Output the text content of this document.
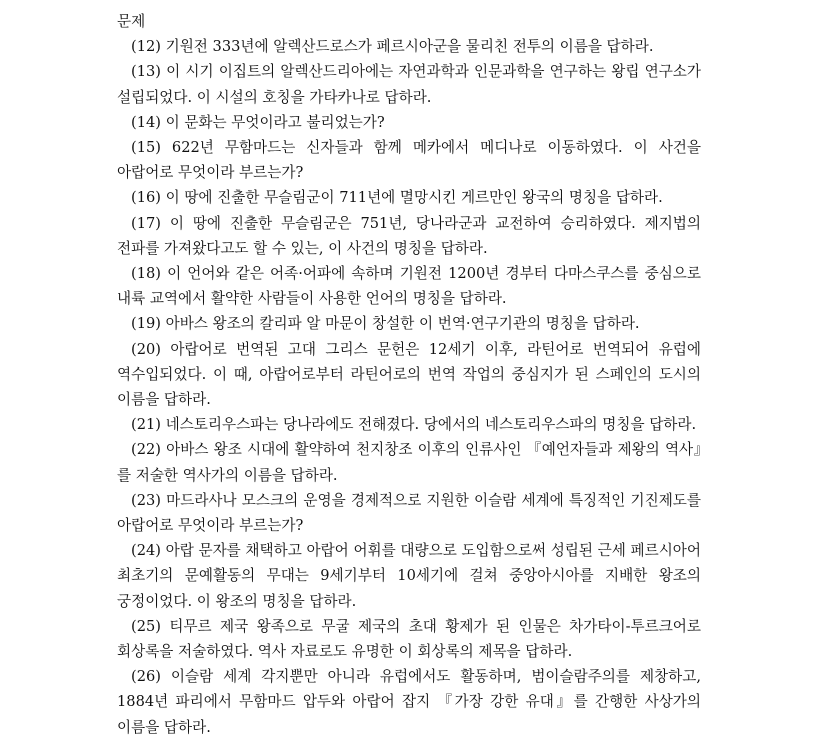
문제

(12) 기원전 333년에 알렉산드로스가 페르시아군을 물리친 전투의 이름을 답하라.

(13) 이 시기 이집트의 알렉산드리아에는 자연과학과 인문과학을 연구하는 왕립 연구소가 설립되었다. 이 시설의 호칭을 가타카나로 답하라.

(14) 이 문화는 무엇이라고 불리었는가?

(15) 622년 무함마드는 신자들과 함께 메카에서 메디나로 이동하였다. 이 사건을 아랍어로 무엇이라 부르는가?

(16) 이 땅에 진출한 무슬림군이 711년에 멸망시킨 게르만인 왕국의 명칭을 답하라.

(17) 이 땅에 진출한 무슬림군은 751년, 당나라군과 교전하여 승리하였다. 제지법의 전파를 가져왔다고도 할 수 있는, 이 사건의 명칭을 답하라.

(18) 이 언어와 같은 어족·어파에 속하며 기원전 1200년 경부터 다마스쿠스를 중심으로 내륙 교역에서 활약한 사람들이 사용한 언어의 명칭을 답하라.

(19) 아바스 왕조의 칼리파 알 마문이 창설한 이 번역·연구기관의 명칭을 답하라.

(20) 아랍어로 번역된 고대 그리스 문헌은 12세기 이후, 라틴어로 번역되어 유럽에 역수입되었다. 이 때, 아랍어로부터 라틴어로의 번역 작업의 중심지가 된 스페인의 도시의 이름을 답하라.

(21) 네스토리우스파는 당나라에도 전해졌다. 당에서의 네스토리우스파의 명칭을 답하라.

(22) 아바스 왕조 시대에 활약하여 천지창조 이후의 인류사인 『예언자들과 제왕의 역사』를 저술한 역사가의 이름을 답하라.

(23) 마드라사나 모스크의 운영을 경제적으로 지원한 이슬람 세계에 특징적인 기진제도를 아랍어로 무엇이라 부르는가?

(24) 아랍 문자를 채택하고 아랍어 어휘를 대량으로 도입함으로써 성립된 근세 페르시아어 최초기의 문예활동의 무대는 9세기부터 10세기에 걸쳐 중앙아시아를 지배한 왕조의 궁정이었다. 이 왕조의 명칭을 답하라.

(25) 티무르 제국 왕족으로 무굴 제국의 초대 황제가 된 인물은 차가타이-투르크어로 회상록을 저술하였다. 역사 자료로도 유명한 이 회상록의 제목을 답하라.

(26) 이슬람 세계 각지뿐만 아니라 유럽에서도 활동하며, 범이슬람주의를 제창하고, 1884년 파리에서 무함마드 압두와 아랍어 잡지 『가장 강한 유대』를 간행한 사상가의 이름을 답하라.
